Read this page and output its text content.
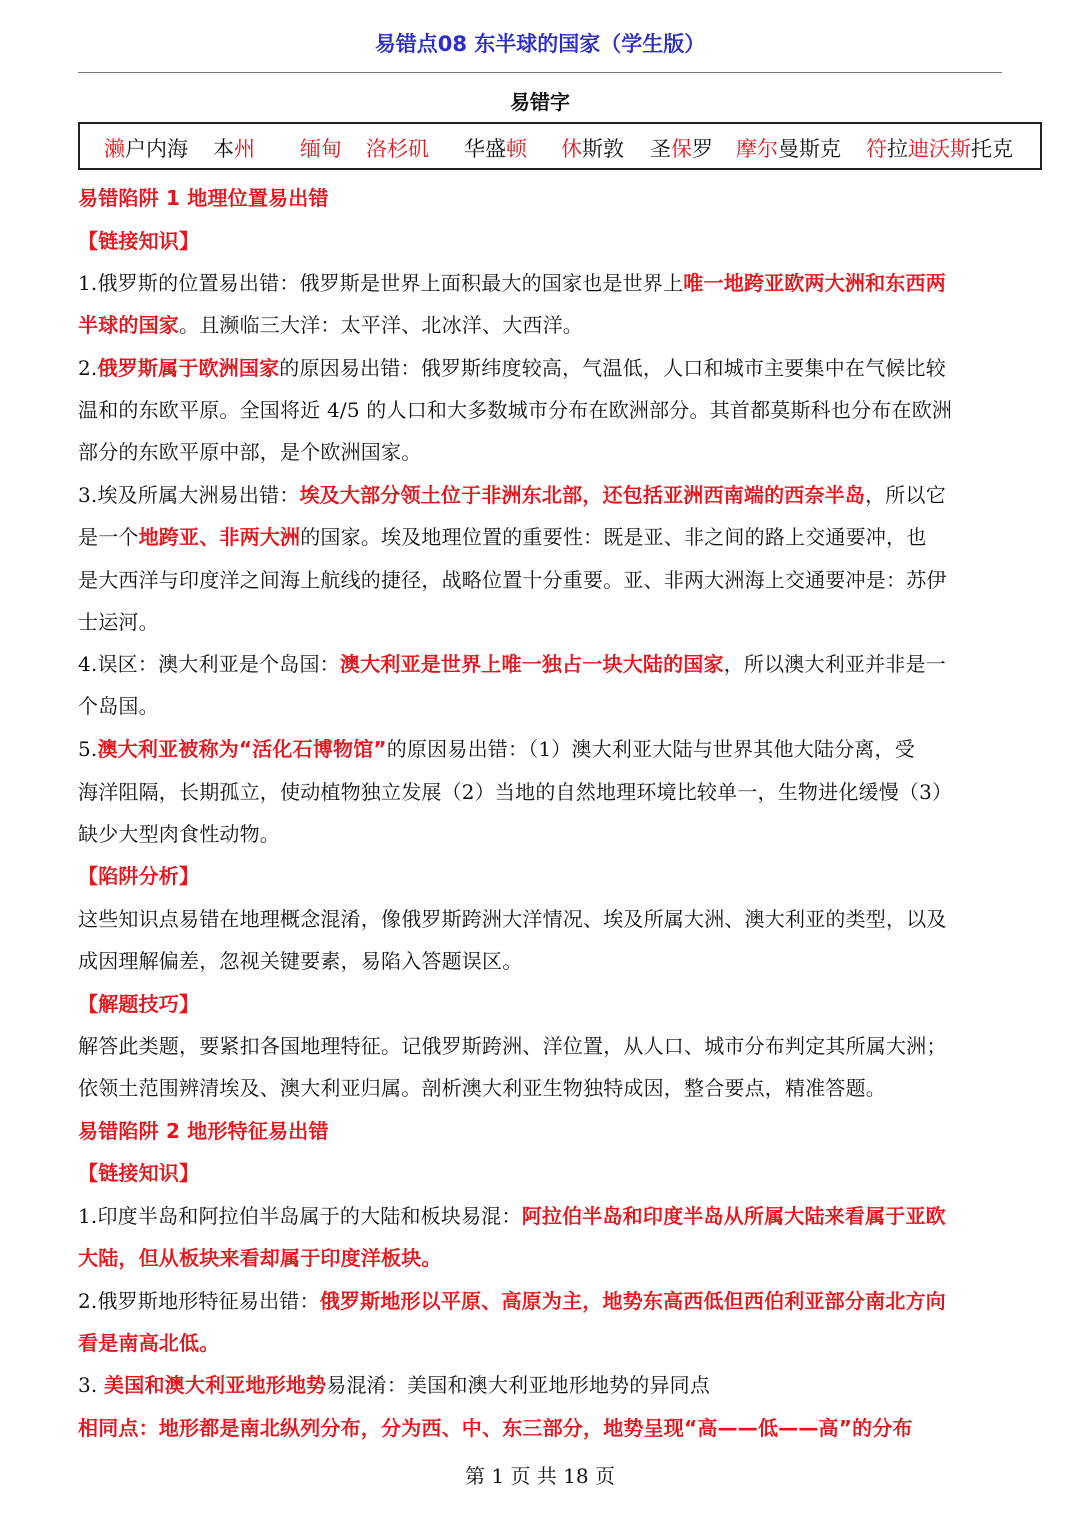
易错点08 东半球的国家（学生版）
易错字
濑户内海 本州 缅甸 洛杉矶 华盛顿 休斯敦 圣保罗 摩尔曼斯克 符拉迪沃斯托克
易错陷阱 1 地理位置易出错
【链接知识】
1.俄罗斯的位置易出错：俄罗斯是世界上面积最大的国家也是世界上唯一地跨亚欧两大洲和东西两
半球的国家。且濒临三大洋：太平洋、北冰洋、大西洋。
2.俄罗斯属于欧洲国家的原因易出错：俄罗斯纬度较高，气温低，人口和城市主要集中在气候比较
温和的东欧平原。全国将近 4/5 的人口和大多数城市分布在欧洲部分。其首都莫斯科也分布在欧洲
部分的东欧平原中部，是个欧洲国家。
3.埃及所属大洲易出错：埃及大部分领土位于非洲东北部，还包括亚洲西南端的西奈半岛，所以它
是一个地跨亚、非两大洲的国家。埃及地理位置的重要性：既是亚、非之间的路上交通要冲，也
是大西洋与印度洋之间海上航线的捷径，战略位置十分重要。亚、非两大洲海上交通要冲是：苏伊
士运河。
4.误区：澳大利亚是个岛国：澳大利亚是世界上唯一独占一块大陆的国家，所以澳大利亚并非是一
个岛国。
5.澳大利亚被称为“活化石博物馆”的原因易出错：（1）澳大利亚大陆与世界其他大陆分离，受
海洋阻隔，长期孤立，使动植物独立发展（2）当地的自然地理环境比较单一，生物进化缓慢（3）
缺少大型肉食性动物。
【陷阱分析】
这些知识点易错在地理概念混淆，像俄罗斯跨洲大洋情况、埃及所属大洲、澳大利亚的类型，以及
成因理解偏差，忽视关键要素，易陷入答题误区。
【解题技巧】
解答此类题，要紧扣各国地理特征。记俄罗斯跨洲、洋位置，从人口、城市分布判定其所属大洲；
依领土范围辨清埃及、澳大利亚归属。剖析澳大利亚生物独特成因，整合要点，精准答题。
易错陷阱 2 地形特征易出错
【链接知识】
1.印度半岛和阿拉伯半岛属于的大陆和板块易混：阿拉伯半岛和印度半岛从所属大陆来看属于亚欧
大陆，但从板块来看却属于印度洋板块。
2.俄罗斯地形特征易出错：俄罗斯地形以平原、高原为主，地势东高西低但西伯利亚部分南北方向
看是南高北低。
3. 美国和澳大利亚地形地势易混淆：美国和澳大利亚地形地势的异同点
相同点：地形都是南北纵列分布，分为西、中、东三部分，地势呈现“高——低——高”的分布
第 1 页 共 18 页
